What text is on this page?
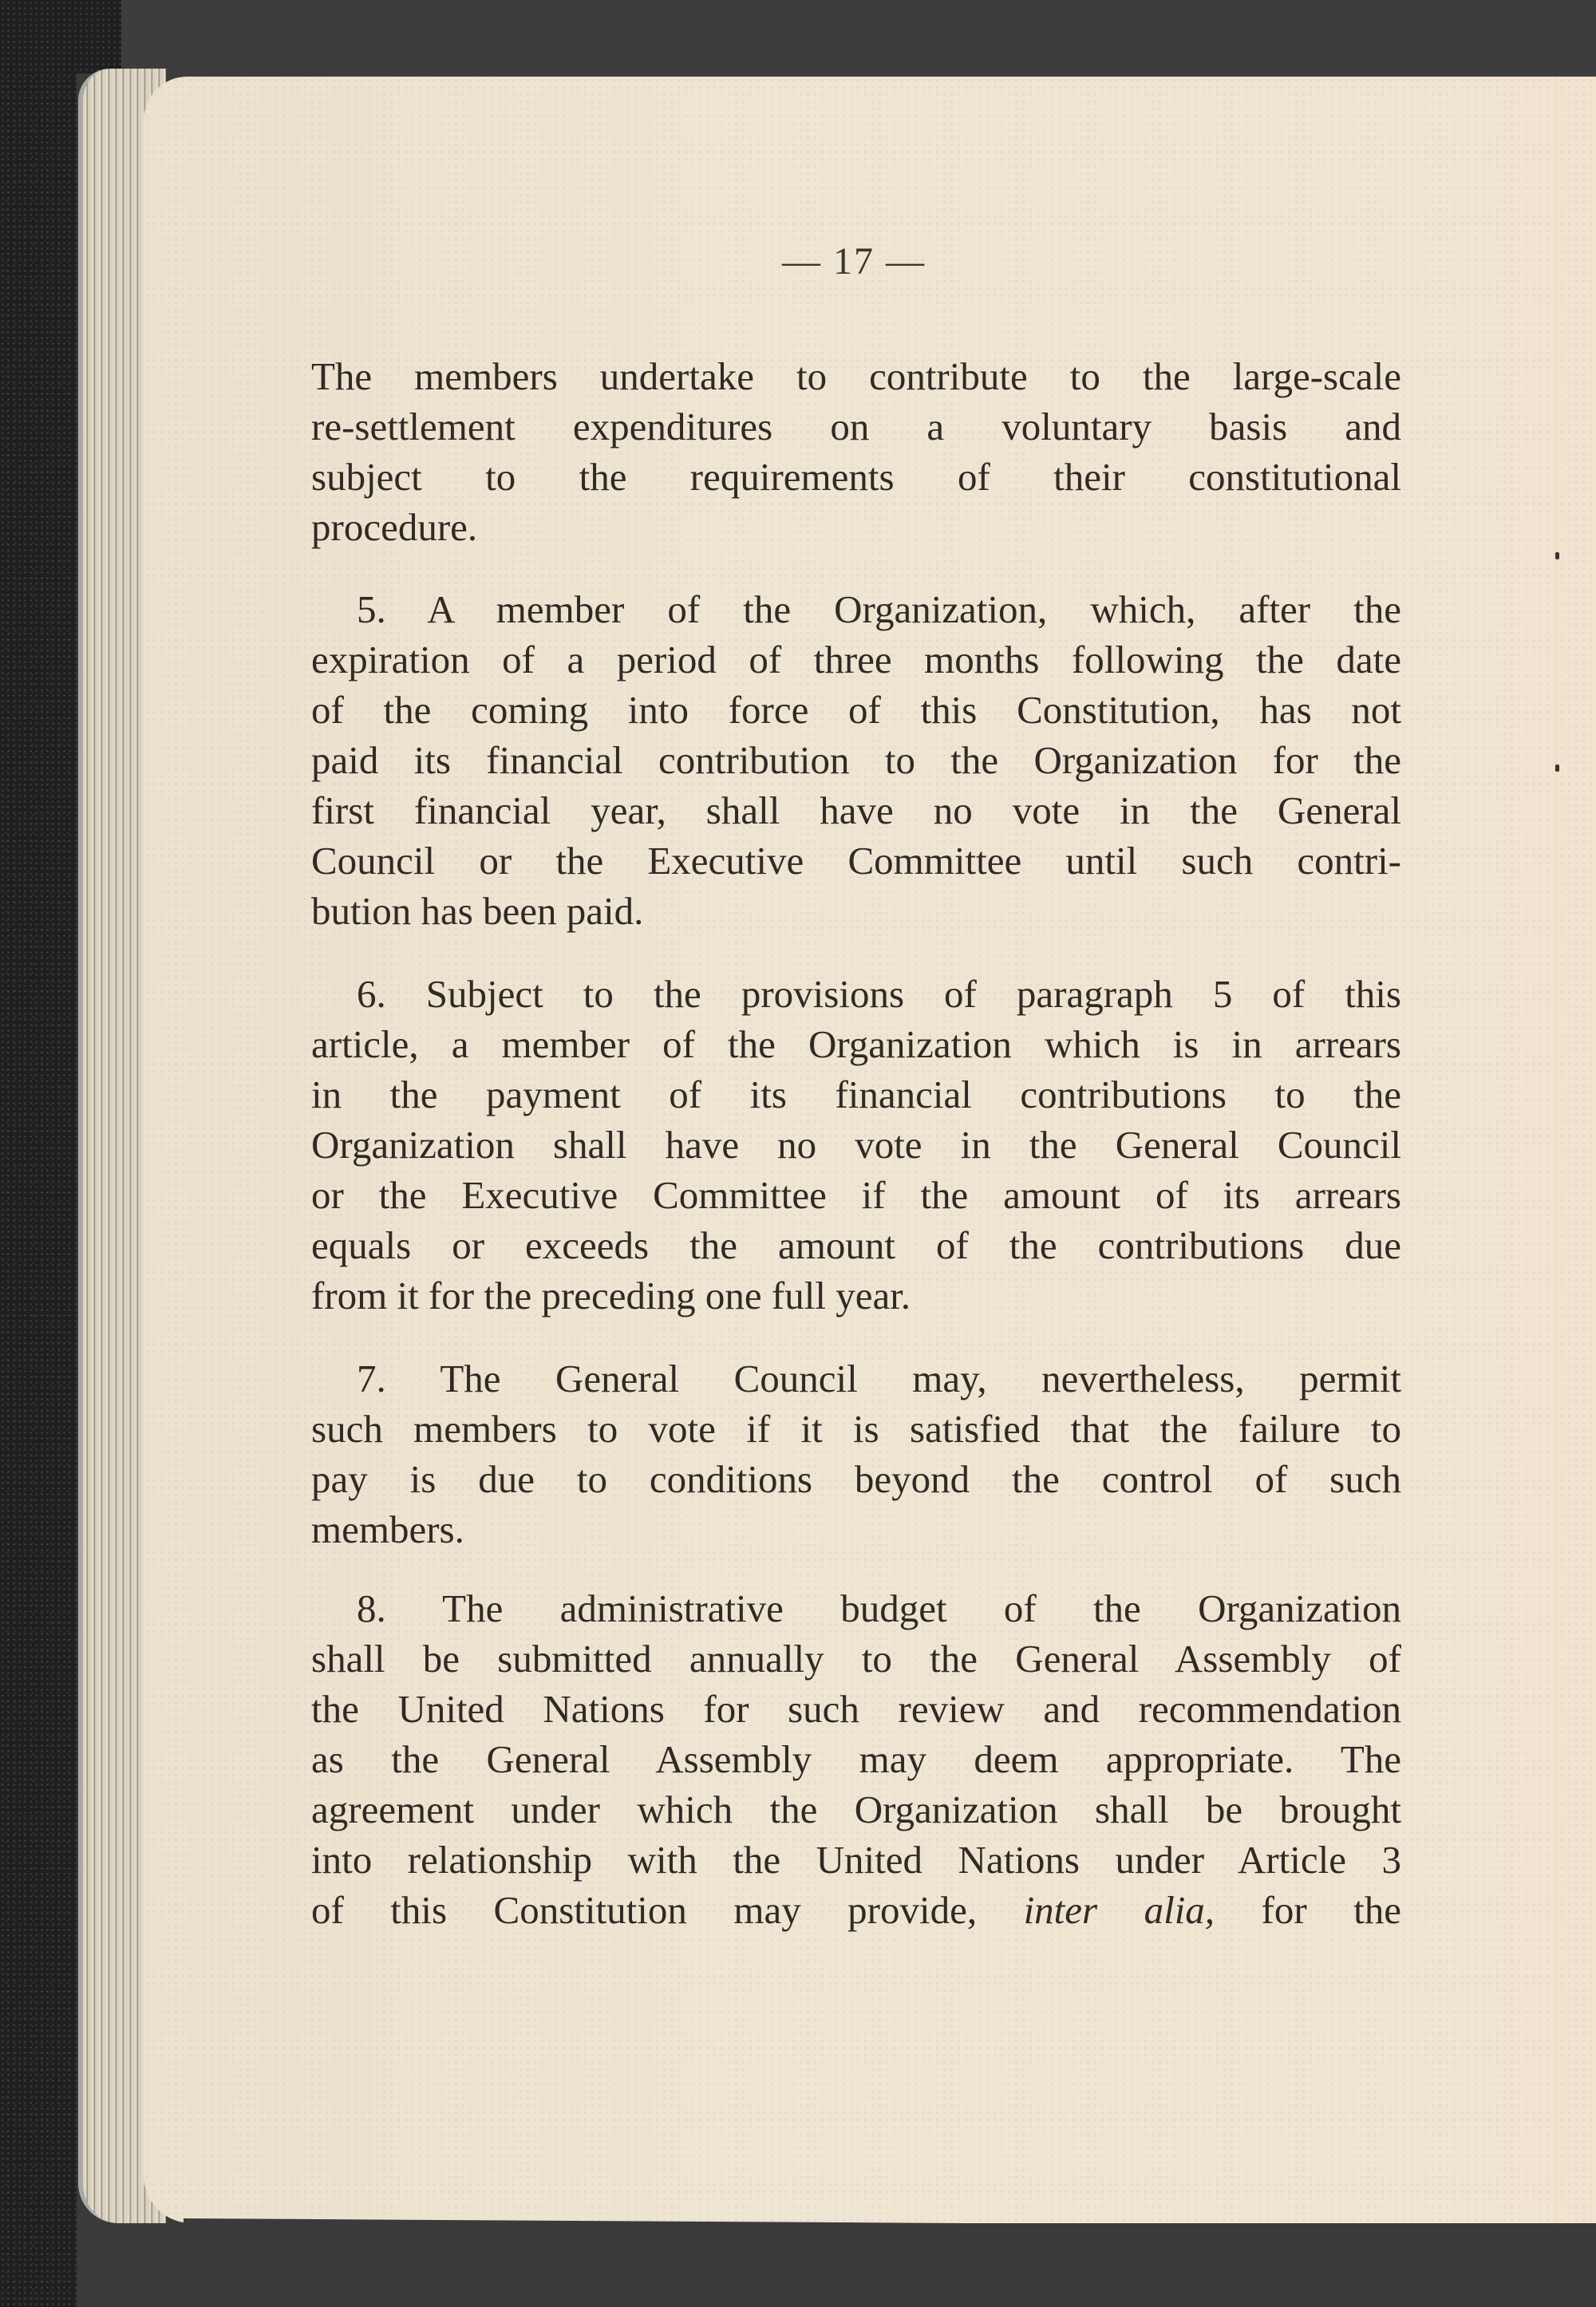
— 17 —
The members undertake to contribute to the large-scale
re-settlement expenditures on a voluntary basis and
subject to the requirements of their constitutional
procedure.
5. A member of the Organization, which, after the
expiration of a period of three months following the date
of the coming into force of this Constitution, has not
paid its financial contribution to the Organization for the
first financial year, shall have no vote in the General
Council or the Executive Committee until such contri-
bution has been paid.
6. Subject to the provisions of paragraph 5 of this
article, a member of the Organization which is in arrears
in the payment of its financial contributions to the
Organization shall have no vote in the General Council
or the Executive Committee if the amount of its arrears
equals or exceeds the amount of the contributions due
from it for the preceding one full year.
7. The General Council may, nevertheless, permit
such members to vote if it is satisfied that the failure to
pay is due to conditions beyond the control of such
members.
8. The administrative budget of the Organization
shall be submitted annually to the General Assembly of
the United Nations for such review and recommendation
as the General Assembly may deem appropriate. The
agreement under which the Organization shall be brought
into relationship with the United Nations under Article 3
of this Constitution may provide, inter alia, for the
